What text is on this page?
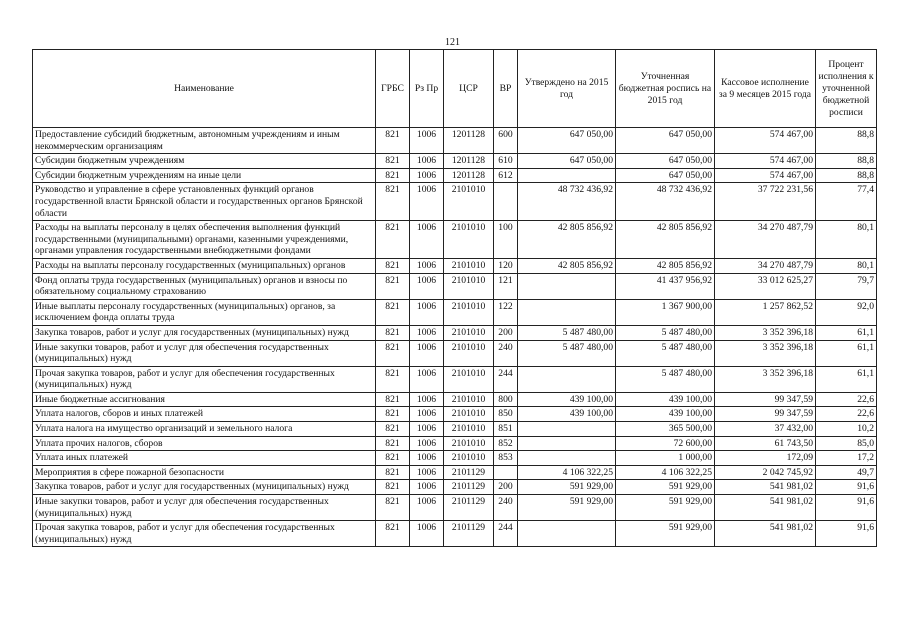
121
Наименование	ГРБС	Рз Пр	ЦСР	ВР	Утверждено на 2015 год	Уточненная бюджетная роспись на 2015 год	Кассовое исполнение за 9 месяцев 2015 года	Процент исполнения к уточненной бюджетной росписи
Предоставление субсидий бюджетным, автономным учреждениям и иным некоммерческим организациям	821	1006	1201128	600	647 050,00	647 050,00	574 467,00	88,8
Субсидии бюджетным учреждениям	821	1006	1201128	610	647 050,00	647 050,00	574 467,00	88,8
Субсидии бюджетным учреждениям на иные цели	821	1006	1201128	612		647 050,00	574 467,00	88,8
Руководство и управление в сфере установленных функций органов государственной власти Брянской области и государственных органов Брянской области	821	1006	2101010		48 732 436,92	48 732 436,92	37 722 231,56	77,4
Расходы на выплаты персоналу в целях обеспечения выполнения функций государственными (муниципальными) органами, казенными учреждениями, органами управления государственными внебюджетными фондами	821	1006	2101010	100	42 805 856,92	42 805 856,92	34 270 487,79	80,1
Расходы на выплаты персоналу государственных (муниципальных) органов	821	1006	2101010	120	42 805 856,92	42 805 856,92	34 270 487,79	80,1
Фонд оплаты труда государственных (муниципальных) органов и взносы по обязательному социальному страхованию	821	1006	2101010	121		41 437 956,92	33 012 625,27	79,7
Иные выплаты персоналу государственных (муниципальных) органов, за исключением фонда оплаты труда	821	1006	2101010	122		1 367 900,00	1 257 862,52	92,0
Закупка товаров, работ и услуг для государственных (муниципальных) нужд	821	1006	2101010	200	5 487 480,00	5 487 480,00	3 352 396,18	61,1
Иные закупки товаров, работ и услуг для обеспечения государственных (муниципальных) нужд	821	1006	2101010	240	5 487 480,00	5 487 480,00	3 352 396,18	61,1
Прочая закупка товаров, работ и услуг для обеспечения государственных (муниципальных) нужд	821	1006	2101010	244		5 487 480,00	3 352 396,18	61,1
Иные бюджетные ассигнования	821	1006	2101010	800	439 100,00	439 100,00	99 347,59	22,6
Уплата налогов, сборов и иных платежей	821	1006	2101010	850	439 100,00	439 100,00	99 347,59	22,6
Уплата налога на имущество организаций и земельного налога	821	1006	2101010	851		365 500,00	37 432,00	10,2
Уплата прочих налогов, сборов	821	1006	2101010	852		72 600,00	61 743,50	85,0
Уплата иных платежей	821	1006	2101010	853		1 000,00	172,09	17,2
Мероприятия в сфере пожарной безопасности	821	1006	2101129		4 106 322,25	4 106 322,25	2 042 745,92	49,7
Закупка товаров, работ и услуг для государственных (муниципальных) нужд	821	1006	2101129	200	591 929,00	591 929,00	541 981,02	91,6
Иные закупки товаров, работ и услуг для обеспечения государственных (муниципальных) нужд	821	1006	2101129	240	591 929,00	591 929,00	541 981,02	91,6
Прочая закупка товаров, работ и услуг для обеспечения государственных (муниципальных) нужд	821	1006	2101129	244		591 929,00	541 981,02	91,6
